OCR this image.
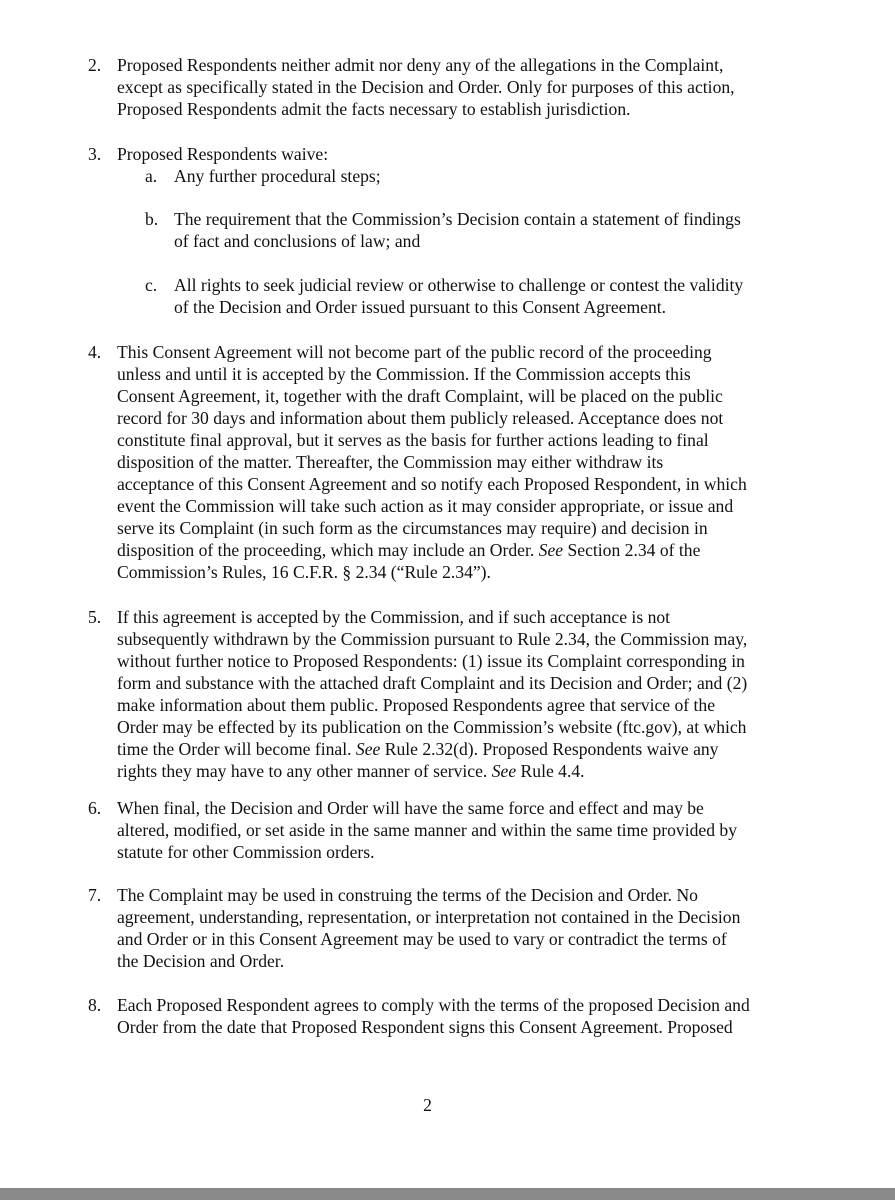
2. Proposed Respondents neither admit nor deny any of the allegations in the Complaint,
except as specifically stated in the Decision and Order. Only for purposes of this action,
Proposed Respondents admit the facts necessary to establish jurisdiction.
3. Proposed Respondents waive:
a. Any further procedural steps;
b. The requirement that the Commission’s Decision contain a statement of findings
of fact and conclusions of law; and
c. All rights to seek judicial review or otherwise to challenge or contest the validity
of the Decision and Order issued pursuant to this Consent Agreement.
4. This Consent Agreement will not become part of the public record of the proceeding
unless and until it is accepted by the Commission. If the Commission accepts this
Consent Agreement, it, together with the draft Complaint, will be placed on the public
record for 30 days and information about them publicly released. Acceptance does not
constitute final approval, but it serves as the basis for further actions leading to final
disposition of the matter. Thereafter, the Commission may either withdraw its
acceptance of this Consent Agreement and so notify each Proposed Respondent, in which
event the Commission will take such action as it may consider appropriate, or issue and
serve its Complaint (in such form as the circumstances may require) and decision in
disposition of the proceeding, which may include an Order. See Section 2.34 of the
Commission’s Rules, 16 C.F.R. § 2.34 (“Rule 2.34”).
5. If this agreement is accepted by the Commission, and if such acceptance is not
subsequently withdrawn by the Commission pursuant to Rule 2.34, the Commission may,
without further notice to Proposed Respondents: (1) issue its Complaint corresponding in
form and substance with the attached draft Complaint and its Decision and Order; and (2)
make information about them public. Proposed Respondents agree that service of the
Order may be effected by its publication on the Commission’s website (ftc.gov), at which
time the Order will become final. See Rule 2.32(d). Proposed Respondents waive any
rights they may have to any other manner of service. See Rule 4.4.
6. When final, the Decision and Order will have the same force and effect and may be
altered, modified, or set aside in the same manner and within the same time provided by
statute for other Commission orders.
7. The Complaint may be used in construing the terms of the Decision and Order. No
agreement, understanding, representation, or interpretation not contained in the Decision
and Order or in this Consent Agreement may be used to vary or contradict the terms of
the Decision and Order.
8. Each Proposed Respondent agrees to comply with the terms of the proposed Decision and
Order from the date that Proposed Respondent signs this Consent Agreement. Proposed
2
